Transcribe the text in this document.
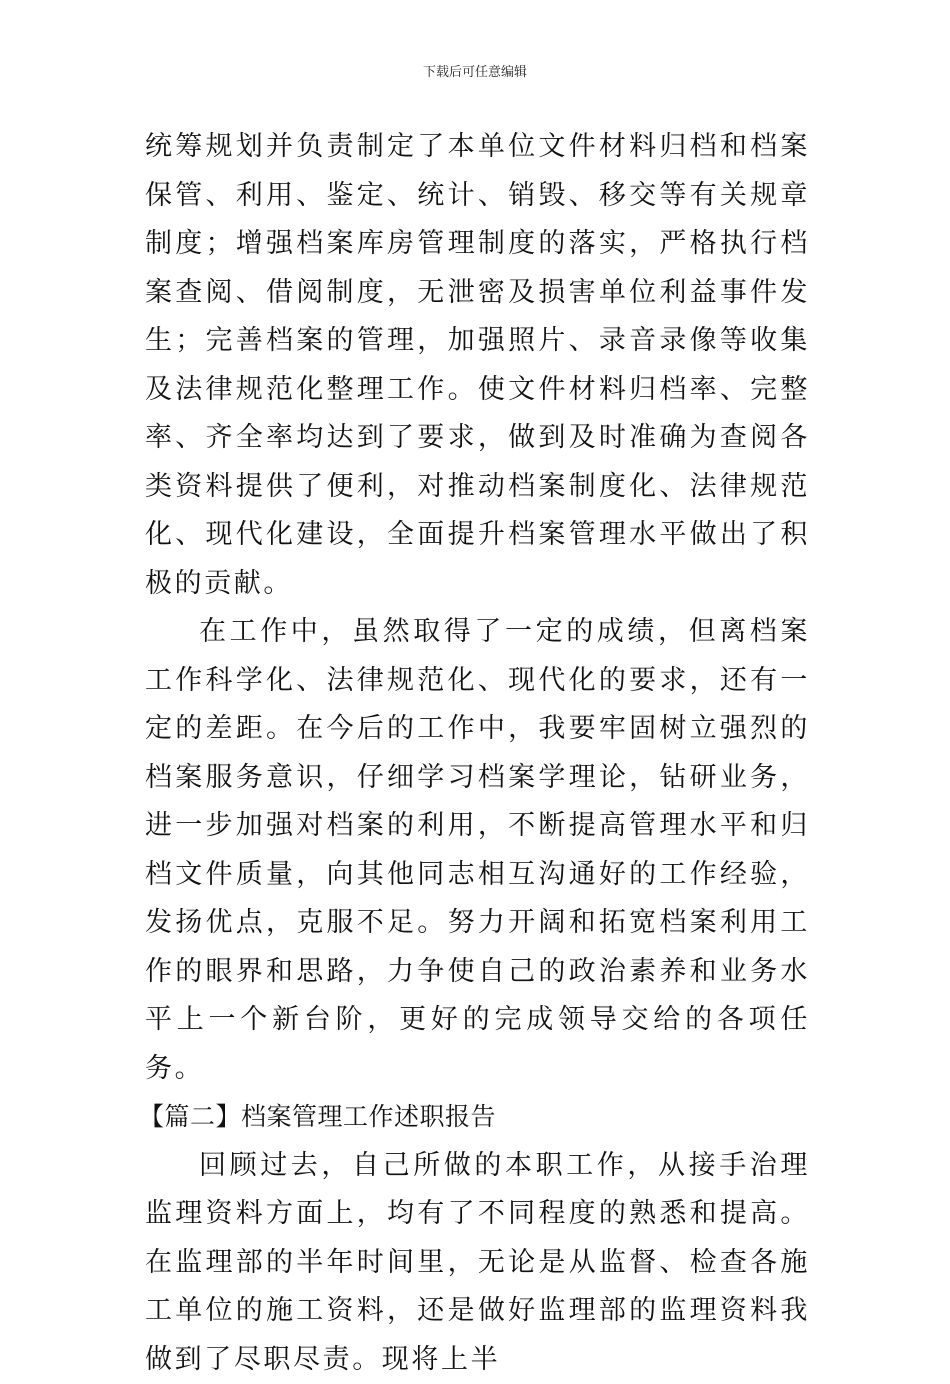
下载后可任意编辑

统筹规划并负责制定了本单位文件材料归档和档案保管、利用、鉴定、统计、销毁、移交等有关规章制度；增强档案库房管理制度的落实，严格执行档案查阅、借阅制度，无泄密及损害单位利益事件发生；完善档案的管理，加强照片、录音录像等收集及法律规范化整理工作。使文件材料归档率、完整率、齐全率均达到了要求，做到及时准确为查阅各类资料提供了便利，对推动档案制度化、法律规范化、现代化建设，全面提升档案管理水平做出了积极的贡献。

在工作中，虽然取得了一定的成绩，但离档案工作科学化、法律规范化、现代化的要求，还有一定的差距。在今后的工作中，我要牢固树立强烈的档案服务意识，仔细学习档案学理论，钻研业务，进一步加强对档案的利用，不断提高管理水平和归档文件质量，向其他同志相互沟通好的工作经验，发扬优点，克服不足。努力开阔和拓宽档案利用工作的眼界和思路，力争使自己的政治素养和业务水平上一个新台阶，更好的完成领导交给的各项任务。

【篇二】档案管理工作述职报告

回顾过去，自己所做的本职工作，从接手治理监理资料方面上，均有了不同程度的熟悉和提高。在监理部的半年时间里，无论是从监督、检查各施工单位的施工资料，还是做好监理部的监理资料我做到了尽职尽责。现将上半
